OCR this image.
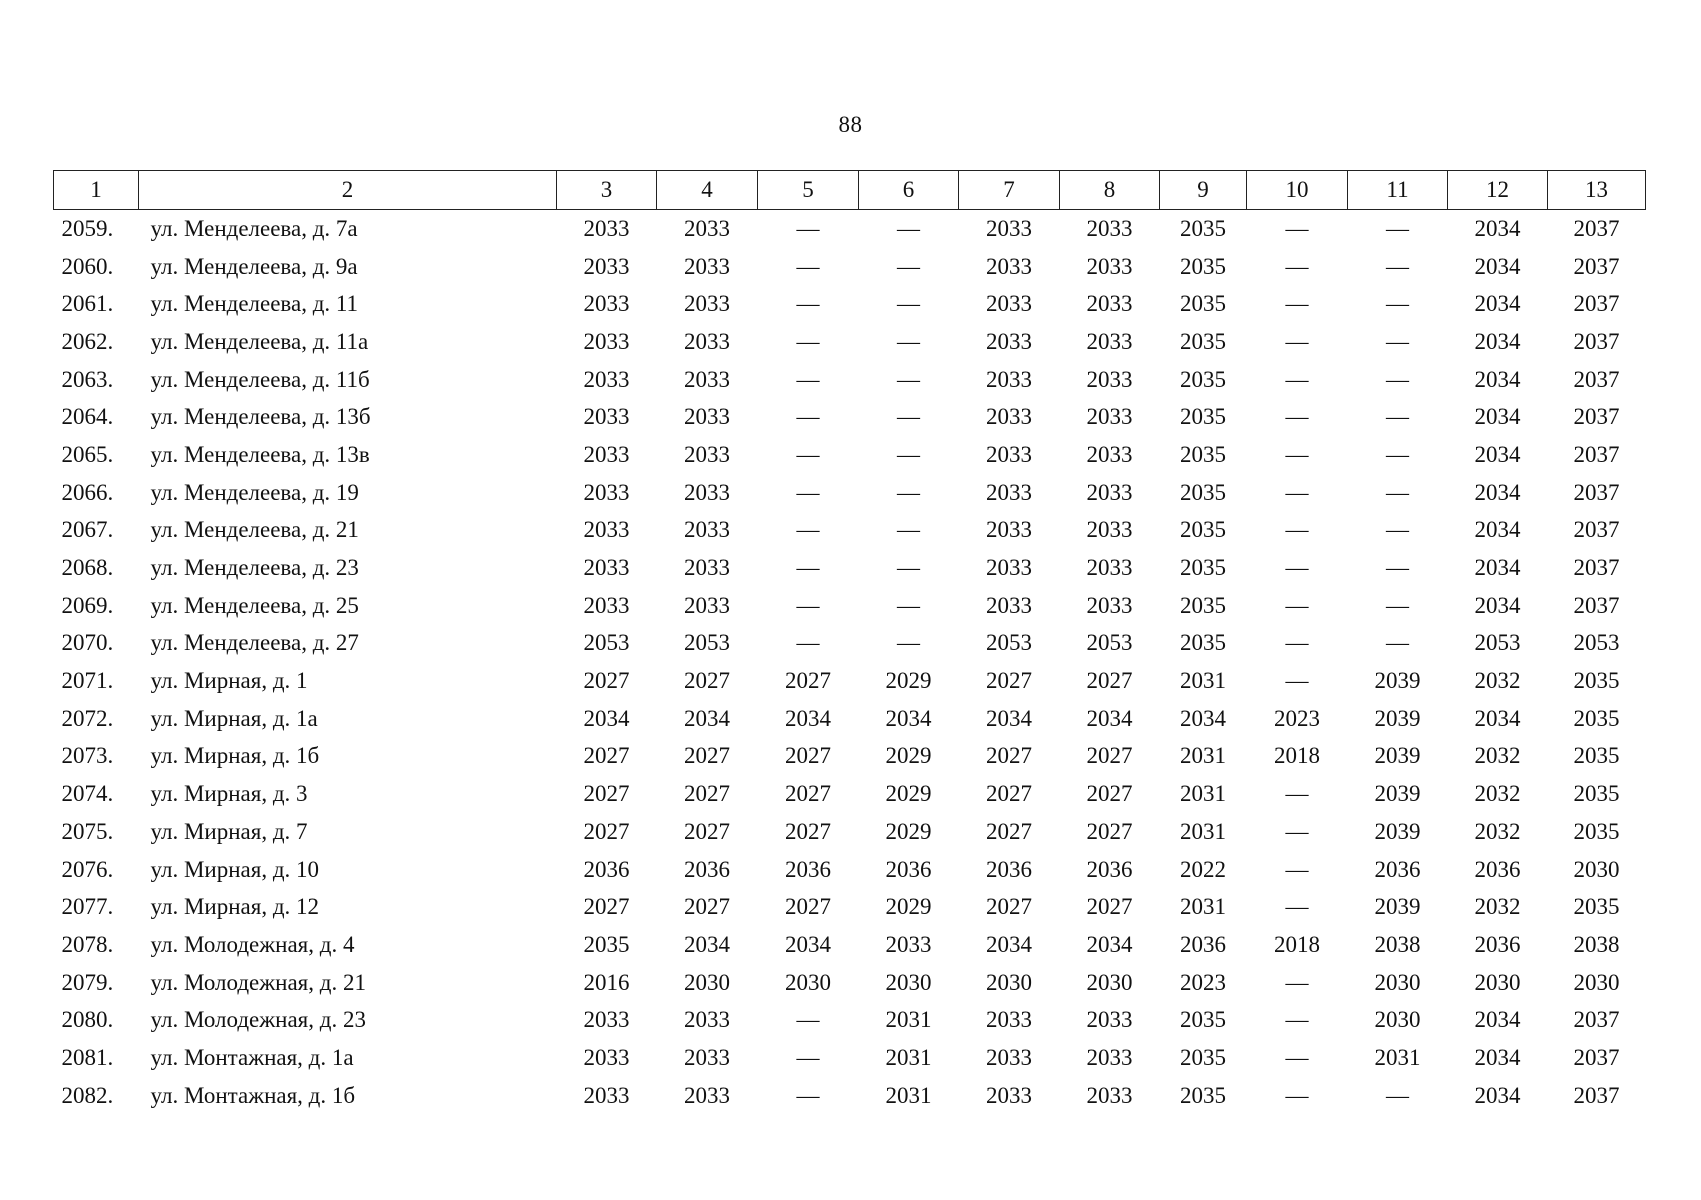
88
1	2	3	4	5	6	7	8	9	10	11	12	13
2059.	ул. Менделеева, д. 7а	2033	2033	—	—	2033	2033	2035	—	—	2034	2037
2060.	ул. Менделеева, д. 9а	2033	2033	—	—	2033	2033	2035	—	—	2034	2037
2061.	ул. Менделеева, д. 11	2033	2033	—	—	2033	2033	2035	—	—	2034	2037
2062.	ул. Менделеева, д. 11а	2033	2033	—	—	2033	2033	2035	—	—	2034	2037
2063.	ул. Менделеева, д. 11б	2033	2033	—	—	2033	2033	2035	—	—	2034	2037
2064.	ул. Менделеева, д. 13б	2033	2033	—	—	2033	2033	2035	—	—	2034	2037
2065.	ул. Менделеева, д. 13в	2033	2033	—	—	2033	2033	2035	—	—	2034	2037
2066.	ул. Менделеева, д. 19	2033	2033	—	—	2033	2033	2035	—	—	2034	2037
2067.	ул. Менделеева, д. 21	2033	2033	—	—	2033	2033	2035	—	—	2034	2037
2068.	ул. Менделеева, д. 23	2033	2033	—	—	2033	2033	2035	—	—	2034	2037
2069.	ул. Менделеева, д. 25	2033	2033	—	—	2033	2033	2035	—	—	2034	2037
2070.	ул. Менделеева, д. 27	2053	2053	—	—	2053	2053	2035	—	—	2053	2053
2071.	ул. Мирная, д. 1	2027	2027	2027	2029	2027	2027	2031	—	2039	2032	2035
2072.	ул. Мирная, д. 1а	2034	2034	2034	2034	2034	2034	2034	2023	2039	2034	2035
2073.	ул. Мирная, д. 1б	2027	2027	2027	2029	2027	2027	2031	2018	2039	2032	2035
2074.	ул. Мирная, д. 3	2027	2027	2027	2029	2027	2027	2031	—	2039	2032	2035
2075.	ул. Мирная, д. 7	2027	2027	2027	2029	2027	2027	2031	—	2039	2032	2035
2076.	ул. Мирная, д. 10	2036	2036	2036	2036	2036	2036	2022	—	2036	2036	2030
2077.	ул. Мирная, д. 12	2027	2027	2027	2029	2027	2027	2031	—	2039	2032	2035
2078.	ул. Молодежная, д. 4	2035	2034	2034	2033	2034	2034	2036	2018	2038	2036	2038
2079.	ул. Молодежная, д. 21	2016	2030	2030	2030	2030	2030	2023	—	2030	2030	2030
2080.	ул. Молодежная, д. 23	2033	2033	—	2031	2033	2033	2035	—	2030	2034	2037
2081.	ул. Монтажная, д. 1а	2033	2033	—	2031	2033	2033	2035	—	2031	2034	2037
2082.	ул. Монтажная, д. 1б	2033	2033	—	2031	2033	2033	2035	—	—	2034	2037
